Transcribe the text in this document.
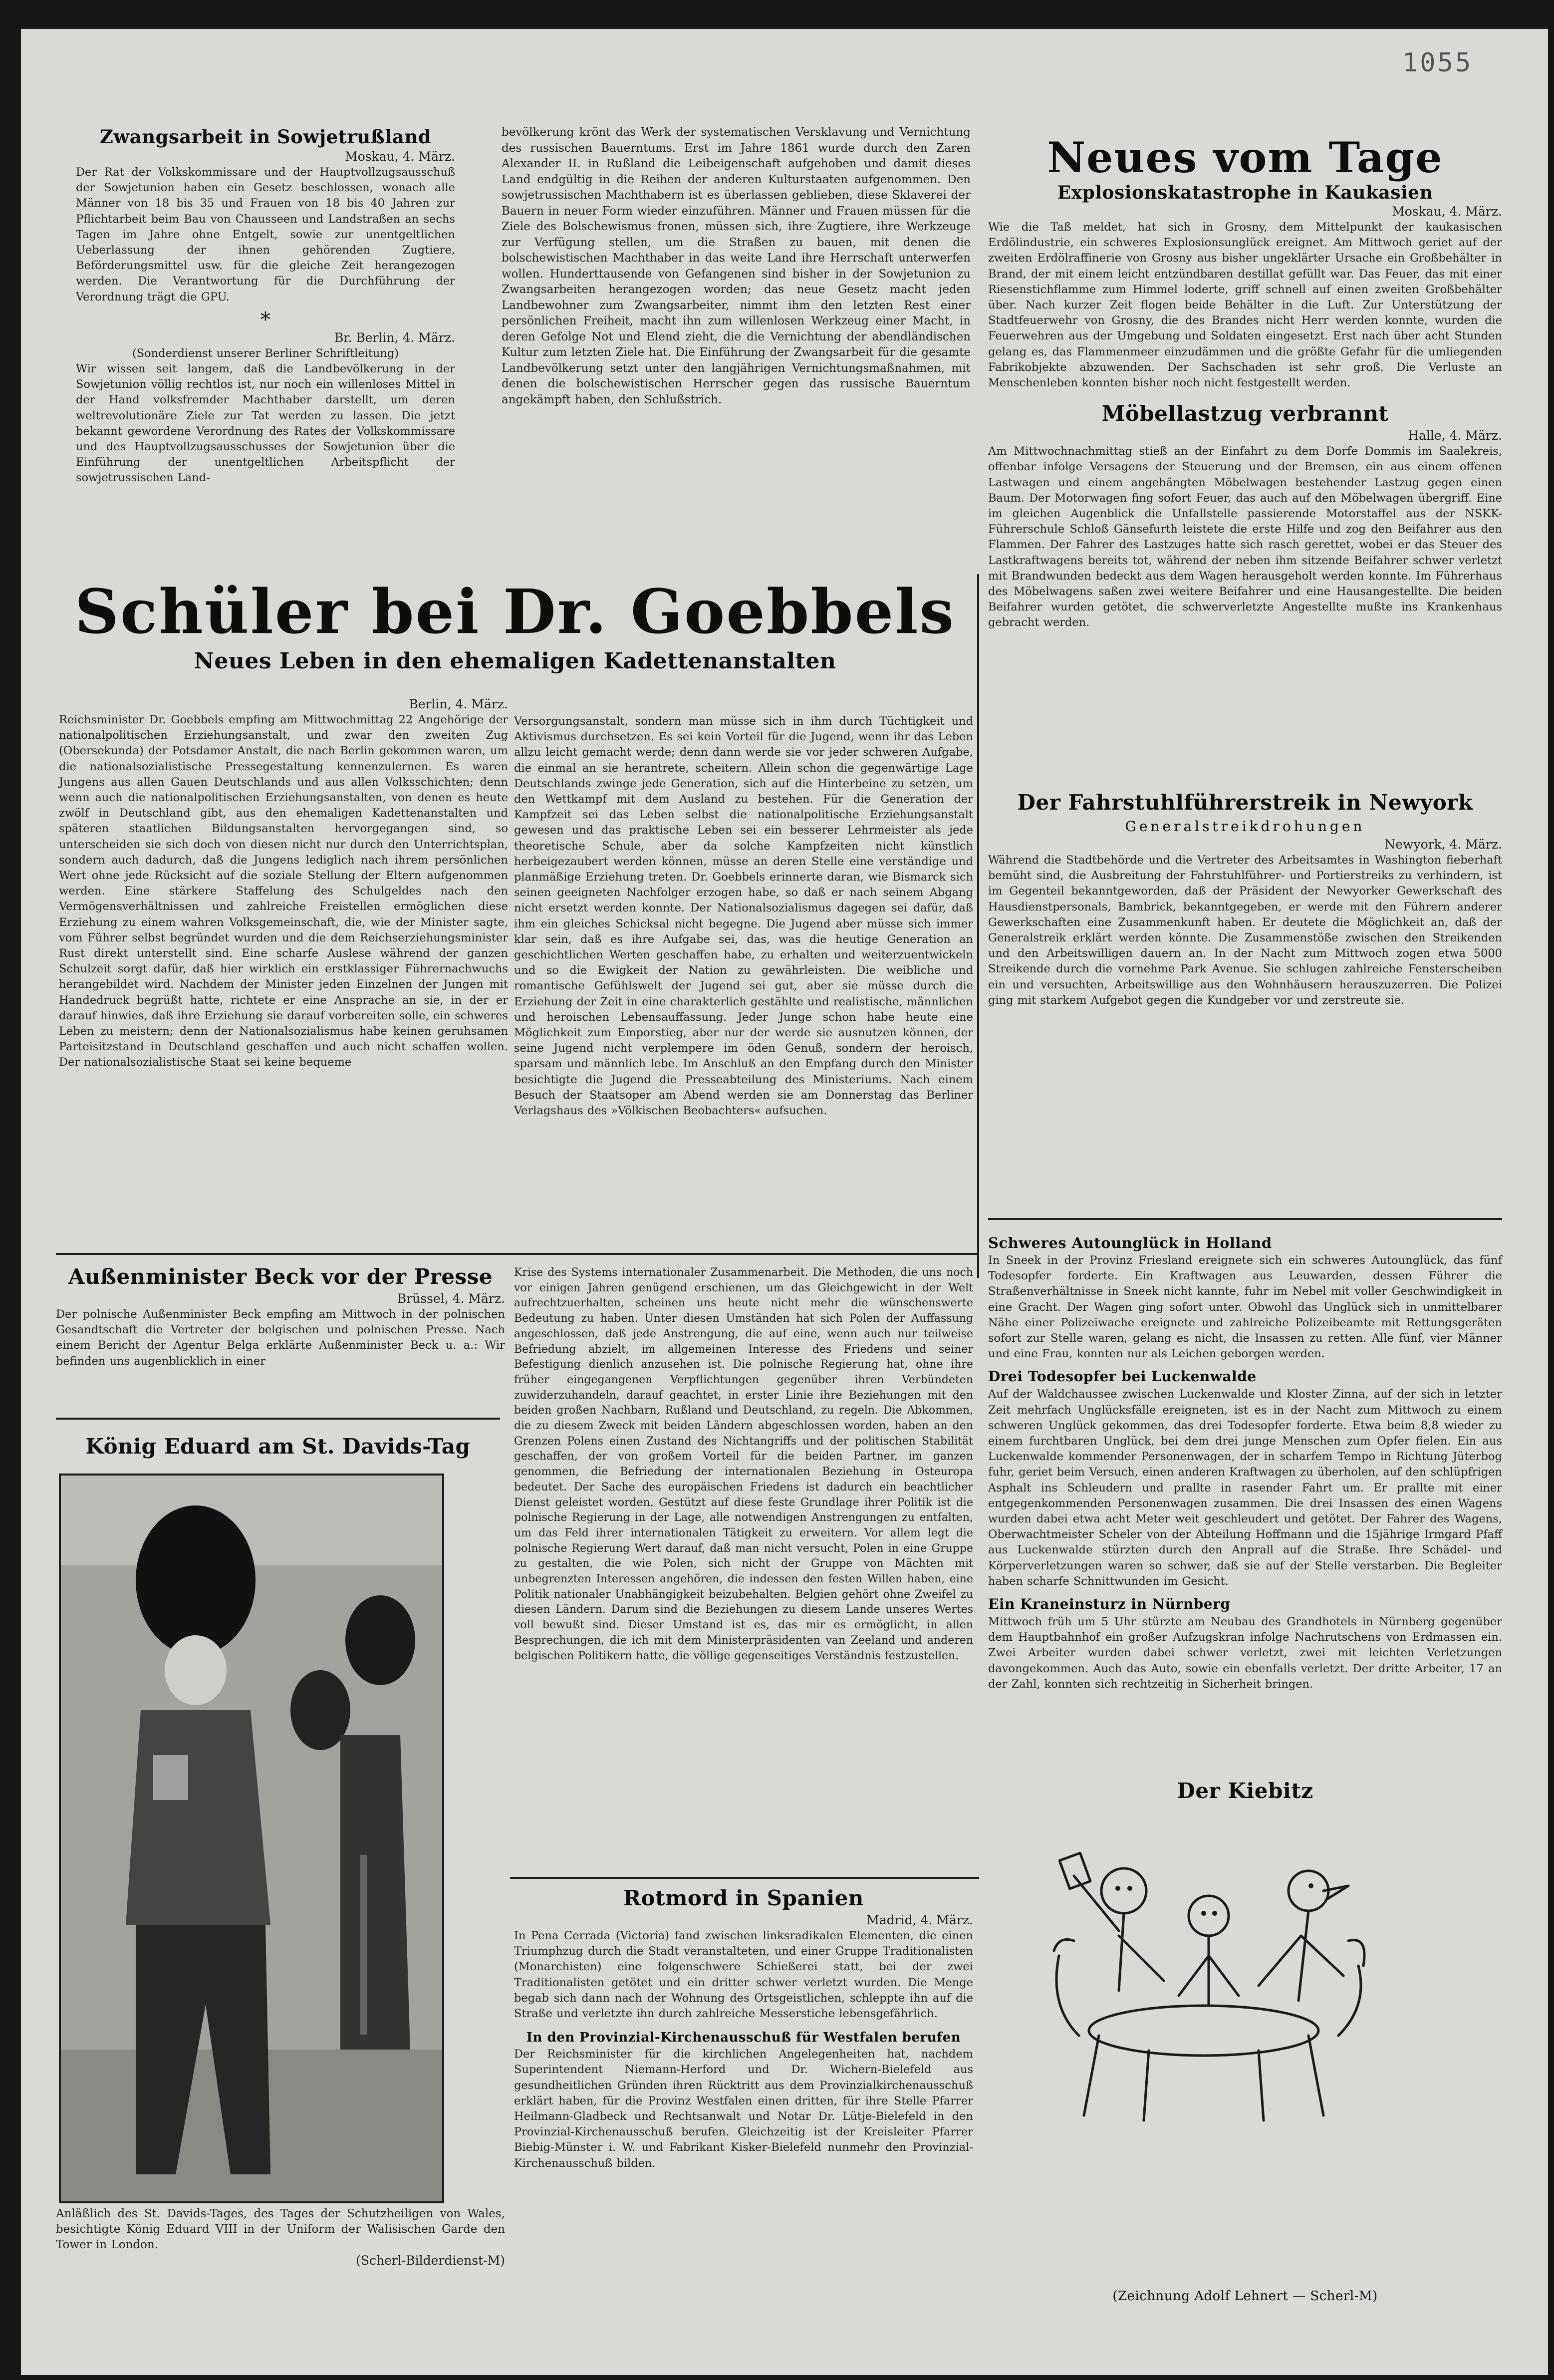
1055

Zwangsarbeit in Sowjetrußland

Moskau, 4. März.

Der Rat der Volkskommissare und der Hauptvollzugsausschuß der Sowjetunion haben ein Gesetz beschlossen, wonach alle Männer von 18 bis 35 und Frauen von 18 bis 40 Jahren zur Pflichtarbeit beim Bau von Chausseen und Landstraßen an sechs Tagen im Jahre ohne Entgelt, sowie zur unentgeltlichen Ueberlassung der ihnen gehörenden Zugtiere, Beförderungsmittel usw. für die gleiche Zeit herangezogen werden. Die Verantwortung für die Durchführung der Verordnung trägt die GPU.

*

Br. Berlin, 4. März.

(Sonderdienst unserer Berliner Schriftleitung)

Wir wissen seit langem, daß die Landbevölkerung in der Sowjetunion völlig rechtlos ist, nur noch ein willenloses Mittel in der Hand volksfremder Machthaber darstellt, um deren weltrevolutionäre Ziele zur Tat werden zu lassen. Die jetzt bekannt gewordene Verordnung des Rates der Volkskommissare und des Hauptvollzugsausschusses der Sowjetunion über die Einführung der unentgeltlichen Arbeitspflicht der sowjetrussischen Land-

bevölkerung krönt das Werk der systematischen Versklavung und Vernichtung des russischen Bauerntums. Erst im Jahre 1861 wurde durch den Zaren Alexander II. in Rußland die Leibeigenschaft aufgehoben und damit dieses Land endgültig in die Reihen der anderen Kulturstaaten aufgenommen. Den sowjetrussischen Machthabern ist es überlassen geblieben, diese Sklaverei der Bauern in neuer Form wieder einzuführen. Männer und Frauen müssen für die Ziele des Bolschewismus fronen, müssen sich, ihre Zugtiere, ihre Werkzeuge zur Verfügung stellen, um die Straßen zu bauen, mit denen die bolschewistischen Machthaber in das weite Land ihre Herrschaft unterwerfen wollen. Hunderttausende von Gefangenen sind bisher in der Sowjetunion zu Zwangsarbeiten herangezogen worden; das neue Gesetz macht jeden Landbewohner zum Zwangsarbeiter, nimmt ihm den letzten Rest einer persönlichen Freiheit, macht ihn zum willenlosen Werkzeug einer Macht, in deren Gefolge Not und Elend zieht, die die Vernichtung der abendländischen Kultur zum letzten Ziele hat. Die Einführung der Zwangsarbeit für die gesamte Landbevölkerung setzt unter den langjährigen Vernichtungsmaßnahmen, mit denen die bolschewistischen Herrscher gegen das russische Bauerntum angekämpft haben, den Schlußstrich.

Neues vom Tage

Explosionskatastrophe in Kaukasien

Moskau, 4. März.

Wie die Taß meldet, hat sich in Grosny, dem Mittelpunkt der kaukasischen Erdölindustrie, ein schweres Explosionsunglück ereignet. Am Mittwoch geriet auf der zweiten Erdölraffinerie von Grosny aus bisher ungeklärter Ursache ein Großbehälter in Brand, der mit einem leicht entzündbaren destillat gefüllt war. Das Feuer, das mit einer Riesenstichflamme zum Himmel loderte, griff schnell auf einen zweiten Großbehälter über. Nach kurzer Zeit flogen beide Behälter in die Luft. Zur Unterstützung der Stadtfeuerwehr von Grosny, die des Brandes nicht Herr werden konnte, wurden die Feuerwehren aus der Umgebung und Soldaten eingesetzt. Erst nach über acht Stunden gelang es, das Flammenmeer einzudämmen und die größte Gefahr für die umliegenden Fabrikobjekte abzuwenden. Der Sachschaden ist sehr groß. Die Verluste an Menschenleben konnten bisher noch nicht festgestellt werden.

Möbellastzug verbrannt

Halle, 4. März.

Am Mittwochnachmittag stieß an der Einfahrt zu dem Dorfe Dommis im Saalekreis, offenbar infolge Versagens der Steuerung und der Bremsen, ein aus einem offenen Lastwagen und einem angehängten Möbelwagen bestehender Lastzug gegen einen Baum. Der Motorwagen fing sofort Feuer, das auch auf den Möbelwagen übergriff. Eine im gleichen Augenblick die Unfallstelle passierende Motorstaffel aus der NSKK-Führerschule Schloß Gänsefurth leistete die erste Hilfe und zog den Beifahrer aus den Flammen. Der Fahrer des Lastzuges hatte sich rasch gerettet, wobei er das Steuer des Lastkraftwagens bereits tot, während der neben ihm sitzende Beifahrer schwer verletzt mit Brandwunden bedeckt aus dem Wagen herausgeholt werden konnte. Im Führerhaus des Möbelwagens saßen zwei weitere Beifahrer und eine Hausangestellte. Die beiden Beifahrer wurden getötet, die schwerverletzte Angestellte mußte ins Krankenhaus gebracht werden.

Schüler bei Dr. Goebbels

Neues Leben in den ehemaligen Kadettenanstalten

Berlin, 4. März.

Reichsminister Dr. Goebbels empfing am Mittwochmittag 22 Angehörige der nationalpolitischen Erziehungsanstalt, und zwar den zweiten Zug (Obersekunda) der Potsdamer Anstalt, die nach Berlin gekommen waren, um die nationalsozialistische Pressegestaltung kennenzulernen. Es waren Jungens aus allen Gauen Deutschlands und aus allen Volksschichten; denn wenn auch die nationalpolitischen Erziehungsanstalten, von denen es heute zwölf in Deutschland gibt, aus den ehemaligen Kadettenanstalten und späteren staatlichen Bildungsanstalten hervorgegangen sind, so unterscheiden sie sich doch von diesen nicht nur durch den Unterrichtsplan, sondern auch dadurch, daß die Jungens lediglich nach ihrem persönlichen Wert ohne jede Rücksicht auf die soziale Stellung der Eltern aufgenommen werden. Eine stärkere Staffelung des Schulgeldes nach den Vermögensverhältnissen und zahlreiche Freistellen ermöglichen diese Erziehung zu einem wahren Volksgemeinschaft, die, wie der Minister sagte, vom Führer selbst begründet wurden und die dem Reichserziehungsminister Rust direkt unterstellt sind. Eine scharfe Auslese während der ganzen Schulzeit sorgt dafür, daß hier wirklich ein erstklassiger Führernachwuchs herangebildet wird. Nachdem der Minister jeden Einzelnen der Jungen mit Handedruck begrüßt hatte, richtete er eine Ansprache an sie, in der er darauf hinwies, daß ihre Erziehung sie darauf vorbereiten solle, ein schweres Leben zu meistern; denn der Nationalsozialismus habe keinen geruhsamen Parteisitzstand in Deutschland geschaffen und auch nicht schaffen wollen. Der nationalsozialistische Staat sei keine bequeme

Versorgungsanstalt, sondern man müsse sich in ihm durch Tüchtigkeit und Aktivismus durchsetzen. Es sei kein Vorteil für die Jugend, wenn ihr das Leben allzu leicht gemacht werde; denn dann werde sie vor jeder schweren Aufgabe, die einmal an sie herantrete, scheitern. Allein schon die gegenwärtige Lage Deutschlands zwinge jede Generation, sich auf die Hinterbeine zu setzen, um den Wettkampf mit dem Ausland zu bestehen. Für die Generation der Kampfzeit sei das Leben selbst die nationalpolitische Erziehungsanstalt gewesen und das praktische Leben sei ein besserer Lehrmeister als jede theoretische Schule, aber da solche Kampfzeiten nicht künstlich herbeigezaubert werden können, müsse an deren Stelle eine verständige und planmäßige Erziehung treten. Dr. Goebbels erinnerte daran, wie Bismarck sich seinen geeigneten Nachfolger erzogen habe, so daß er nach seinem Abgang nicht ersetzt werden konnte. Der Nationalsozialismus dagegen sei dafür, daß ihm ein gleiches Schicksal nicht begegne. Die Jugend aber müsse sich immer klar sein, daß es ihre Aufgabe sei, das, was die heutige Generation an geschichtlichen Werten geschaffen habe, zu erhalten und weiterzuentwickeln und so die Ewigkeit der Nation zu gewährleisten. Die weibliche und romantische Gefühlswelt der Jugend sei gut, aber sie müsse durch die Erziehung der Zeit in eine charakterlich gestählte und realistische, männlichen und heroischen Lebensauffassung. Jeder Junge schon habe heute eine Möglichkeit zum Emporstieg, aber nur der werde sie ausnutzen können, der seine Jugend nicht verplempere im öden Genuß, sondern der heroisch, sparsam und männlich lebe. Im Anschluß an den Empfang durch den Minister besichtigte die Jugend die Presseabteilung des Ministeriums. Nach einem Besuch der Staatsoper am Abend werden sie am Donnerstag das Berliner Verlagshaus des »Völkischen Beobachters« aufsuchen.

Außenminister Beck vor der Presse

Brüssel, 4. März.

Der polnische Außenminister Beck empfing am Mittwoch in der polnischen Gesandtschaft die Vertreter der belgischen und polnischen Presse. Nach einem Bericht der Agentur Belga erklärte Außenminister Beck u. a.: Wir befinden uns augenblicklich in einer

Krise des Systems internationaler Zusammenarbeit. Die Methoden, die uns noch vor einigen Jahren genügend erschienen, um das Gleichgewicht in der Welt aufrechtzuerhalten, scheinen uns heute nicht mehr die wünschenswerte Bedeutung zu haben. Unter diesen Umständen hat sich Polen der Auffassung angeschlossen, daß jede Anstrengung, die auf eine, wenn auch nur teilweise Befriedung abzielt, im allgemeinen Interesse des Friedens und seiner Befestigung dienlich anzusehen ist. Die polnische Regierung hat, ohne ihre früher eingegangenen Verpflichtungen gegenüber ihren Verbündeten zuwiderzuhandeln, darauf geachtet, in erster Linie ihre Beziehungen mit den beiden großen Nachbarn, Rußland und Deutschland, zu regeln. Die Abkommen, die zu diesem Zweck mit beiden Ländern abgeschlossen worden, haben an den Grenzen Polens einen Zustand des Nichtangriffs und der politischen Stabilität geschaffen, der von großem Vorteil für die beiden Partner, im ganzen genommen, die Befriedung der internationalen Beziehung in Osteuropa bedeutet. Der Sache des europäischen Friedens ist dadurch ein beachtlicher Dienst geleistet worden. Gestützt auf diese feste Grundlage ihrer Politik ist die polnische Regierung in der Lage, alle notwendigen Anstrengungen zu entfalten, um das Feld ihrer internationalen Tätigkeit zu erweitern. Vor allem legt die polnische Regierung Wert darauf, daß man nicht versucht, Polen in eine Gruppe zu gestalten, die wie Polen, sich nicht der Gruppe von Mächten mit unbegrenzten Interessen angehören, die indessen den festen Willen haben, eine Politik nationaler Unabhängigkeit beizubehalten. Belgien gehört ohne Zweifel zu diesen Ländern. Darum sind die Beziehungen zu diesem Lande unseres Wertes voll bewußt sind. Dieser Umstand ist es, das mir es ermöglicht, in allen Besprechungen, die ich mit dem Ministerpräsidenten van Zeeland und anderen belgischen Politikern hatte, die völlige gegenseitiges Verständnis festzustellen.

König Eduard am St. Davids-Tag

Anläßlich des St. Davids-Tages, des Tages der Schutzheiligen von Wales, besichtigte König Eduard VIII in der Uniform der Walisischen Garde den Tower in London.

(Scherl-Bilderdienst-M)

Der Fahrstuhlführerstreik in Newyork

Generalstreikdrohungen

Newyork, 4. März.

Während die Stadtbehörde und die Vertreter des Arbeitsamtes in Washington fieberhaft bemüht sind, die Ausbreitung der Fahrstuhlführer- und Portierstreiks zu verhindern, ist im Gegenteil bekanntgeworden, daß der Präsident der Newyorker Gewerkschaft des Hausdienstpersonals, Bambrick, bekanntgegeben, er werde mit den Führern anderer Gewerkschaften eine Zusammenkunft haben. Er deutete die Möglichkeit an, daß der Generalstreik erklärt werden könnte. Die Zusammenstöße zwischen den Streikenden und den Arbeitswilligen dauern an. In der Nacht zum Mittwoch zogen etwa 5000 Streikende durch die vornehme Park Avenue. Sie schlugen zahlreiche Fensterscheiben ein und versuchten, Arbeitswillige aus den Wohnhäusern herauszuzerren. Die Polizei ging mit starkem Aufgebot gegen die Kundgeber vor und zerstreute sie.

Schweres Autounglück in Holland

In Sneek in der Provinz Friesland ereignete sich ein schweres Autounglück, das fünf Todesopfer forderte. Ein Kraftwagen aus Leuwarden, dessen Führer die Straßenverhältnisse in Sneek nicht kannte, fuhr im Nebel mit voller Geschwindigkeit in eine Gracht. Der Wagen ging sofort unter. Obwohl das Unglück sich in unmittelbarer Nähe einer Polizeiwache ereignete und zahlreiche Polizeibeamte mit Rettungsgeräten sofort zur Stelle waren, gelang es nicht, die Insassen zu retten. Alle fünf, vier Männer und eine Frau, konnten nur als Leichen geborgen werden.

Drei Todesopfer bei Luckenwalde

Auf der Waldchaussee zwischen Luckenwalde und Kloster Zinna, auf der sich in letzter Zeit mehrfach Unglücksfälle ereigneten, ist es in der Nacht zum Mittwoch zu einem schweren Unglück gekommen, das drei Todesopfer forderte. Etwa beim 8,8 wieder zu einem furchtbaren Unglück, bei dem drei junge Menschen zum Opfer fielen. Ein aus Luckenwalde kommender Personenwagen, der in scharfem Tempo in Richtung Jüterbog fuhr, geriet beim Versuch, einen anderen Kraftwagen zu überholen, auf den schlüpfrigen Asphalt ins Schleudern und prallte in rasender Fahrt um. Er prallte mit einer entgegenkommenden Personenwagen zusammen. Die drei Insassen des einen Wagens wurden dabei etwa acht Meter weit geschleudert und getötet. Der Fahrer des Wagens, Oberwachtmeister Scheler von der Abteilung Hoffmann und die 15jährige Irmgard Pfaff aus Luckenwalde stürzten durch den Anprall auf die Straße. Ihre Schädel- und Körperverletzungen waren so schwer, daß sie auf der Stelle verstarben. Die Begleiter haben scharfe Schnittwunden im Gesicht.

Ein Kraneinsturz in Nürnberg

Mittwoch früh um 5 Uhr stürzte am Neubau des Grandhotels in Nürnberg gegenüber dem Hauptbahnhof ein großer Aufzugskran infolge Nachrutschens von Erdmassen ein. Zwei Arbeiter wurden dabei schwer verletzt, zwei mit leichten Verletzungen davongekommen. Auch das Auto, sowie ein ebenfalls verletzt. Der dritte Arbeiter, 17 an der Zahl, konnten sich rechtzeitig in Sicherheit bringen.

Rotmord in Spanien

Madrid, 4. März.

In Pena Cerrada (Victoria) fand zwischen linksradikalen Elementen, die einen Triumphzug durch die Stadt veranstalteten, und einer Gruppe Traditionalisten (Monarchisten) eine folgenschwere Schießerei statt, bei der zwei Traditionalisten getötet und ein dritter schwer verletzt wurden. Die Menge begab sich dann nach der Wohnung des Ortsgeistlichen, schleppte ihn auf die Straße und verletzte ihn durch zahlreiche Messerstiche lebensgefährlich.

In den Provinzial-Kirchenausschuß für Westfalen berufen

Der Reichsminister für die kirchlichen Angelegenheiten hat, nachdem Superintendent Niemann-Herford und Dr. Wichern-Bielefeld aus gesundheitlichen Gründen ihren Rücktritt aus dem Provinzialkirchenausschuß erklärt haben, für die Provinz Westfalen einen dritten, für ihre Stelle Pfarrer Heilmann-Gladbeck und Rechtsanwalt und Notar Dr. Lütje-Bielefeld in den Provinzial-Kirchenausschuß berufen. Gleichzeitig ist der Kreisleiter Pfarrer Biebig-Münster i. W. und Fabrikant Kisker-Bielefeld nunmehr den Provinzial-Kirchenausschuß bilden.

Der Kiebitz

(Zeichnung Adolf Lehnert — Scherl-M)
